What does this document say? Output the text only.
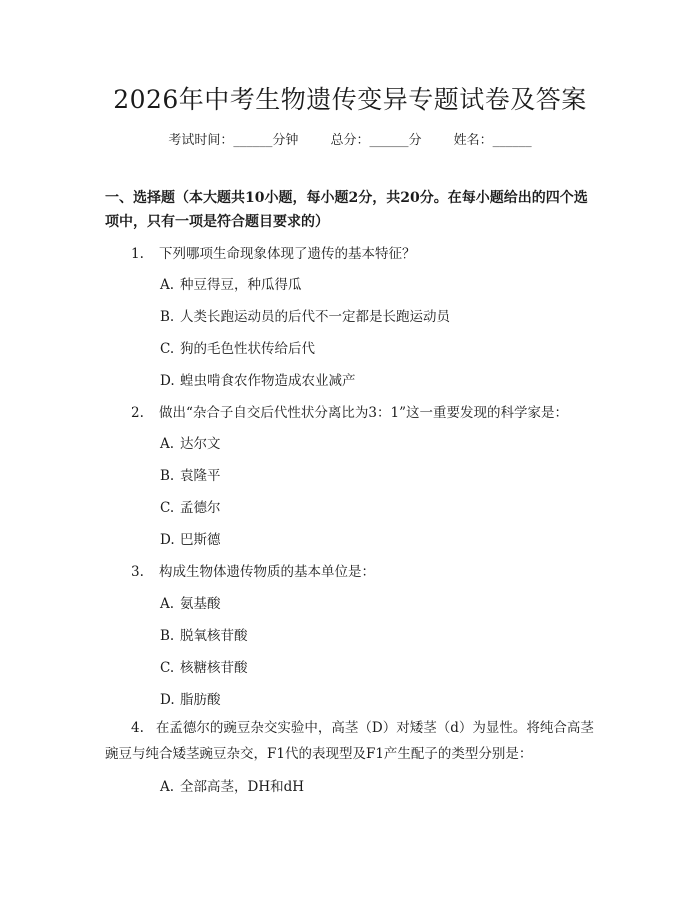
2026年中考生物遗传变异专题试卷及答案
考试时间：______分钟 总分：______分 姓名：______
一、选择题（本大题共10小题，每小题2分，共20分。在每小题给出的四个选项中，只有一项是符合题目要求的）
1. 下列哪项生命现象体现了遗传的基本特征？
A. 种豆得豆，种瓜得瓜
B. 人类长跑运动员的后代不一定都是长跑运动员
C. 狗的毛色性状传给后代
D. 蝗虫啃食农作物造成农业减产
2. 做出“杂合子自交后代性状分离比为3：1”这一重要发现的科学家是：
A. 达尔文
B. 袁隆平
C. 孟德尔
D. 巴斯德
3. 构成生物体遗传物质的基本单位是：
A. 氨基酸
B. 脱氧核苷酸
C. 核糖核苷酸
D. 脂肪酸
4. 在孟德尔的豌豆杂交实验中，高茎（D）对矮茎（d）为显性。将纯合高茎豌豆与纯合矮茎豌豆杂交，F1代的表现型及F1产生配子的类型分别是：
A. 全部高茎，DH和dH
